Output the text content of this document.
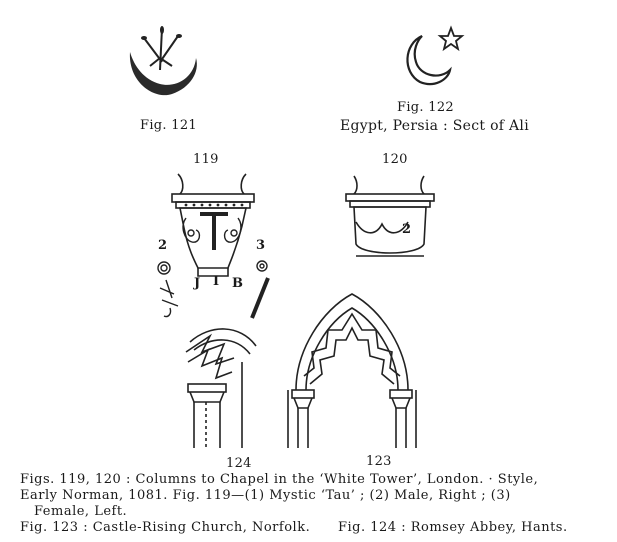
Fig. 121
Fig. 122
Egypt, Persia : Sect of Ali
119	120
2	3
J I B
2
124	123
Figs. 119, 120 : Columns to Chapel in the ‘White Tower’, London. · Style,
Early Norman, 1081. Fig. 119—(1) Mystic ‘Tau’ ; (2) Male, Right ; (3)
Female, Left.
Fig. 123 : Castle-Rising Church, Norfolk. Fig. 124 : Romsey Abbey, Hants.
